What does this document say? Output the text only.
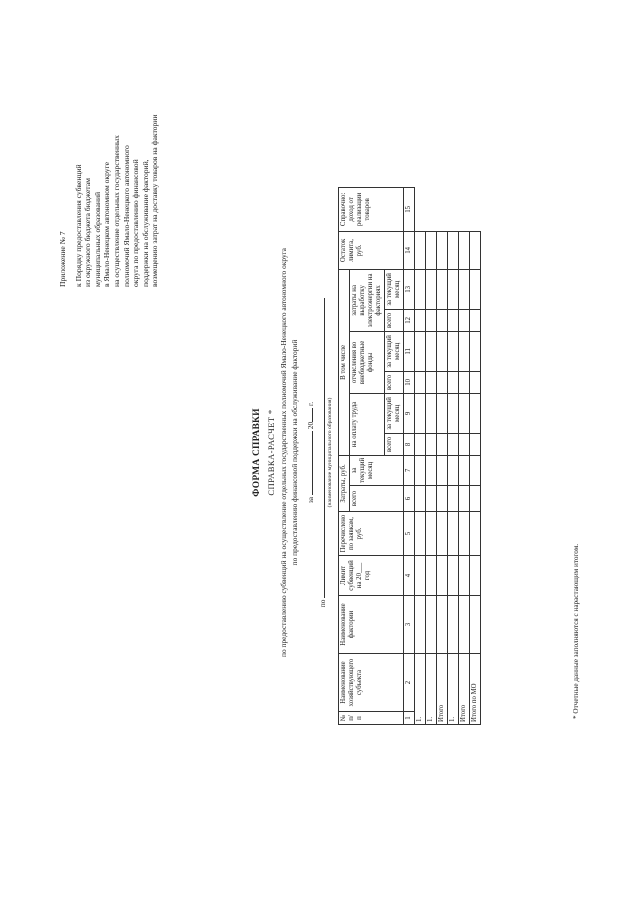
Приложение № 7 к Порядку предоставления субвенций из окружного бюджета бюджетам муниципальных образований в Ямало-Ненецком автономном округе на осуществление отдельных государственных полномочий Ямало-Ненецкого автономного округа по предоставлению финансовой поддержки на обслуживание факторий, возмещению затрат на доставку товаров на фактории
ФОРМА СПРАВКИ СПРАВКА-РАСЧЕТ * по предоставлению субвенций на осуществление отдельных государственных полномочий Ямало-Ненецкого автономного округа по предоставлению финансовой поддержки на обслуживание факторий за  20 г.
по
(наименование муниципального образования)
№ п/п	Наименование хозяйствующего субъекта	Наименование фактории	Лимит субвенций на 20___ год	Перечислено по заявкам, руб.	Затраты, руб.		В том числе						Остаток лимита, руб.	Справочно: доход от реализации товаров
					всего	за текущий месяц	на оплату труда		отчисления во внебюджетные фонды		затраты на выработку электроэнергии на факториях			
							всего	за текущий месяц	всего	за текущий месяц	всего	за текущий месяц		
1	2	3	4	5	6	7	8	9	10	11	12	13	14	15
1.														
1.														
Итого														
1.														
Итого														
Итого по МО															* Отчетные данные заполняются с нарастающим итогом.
